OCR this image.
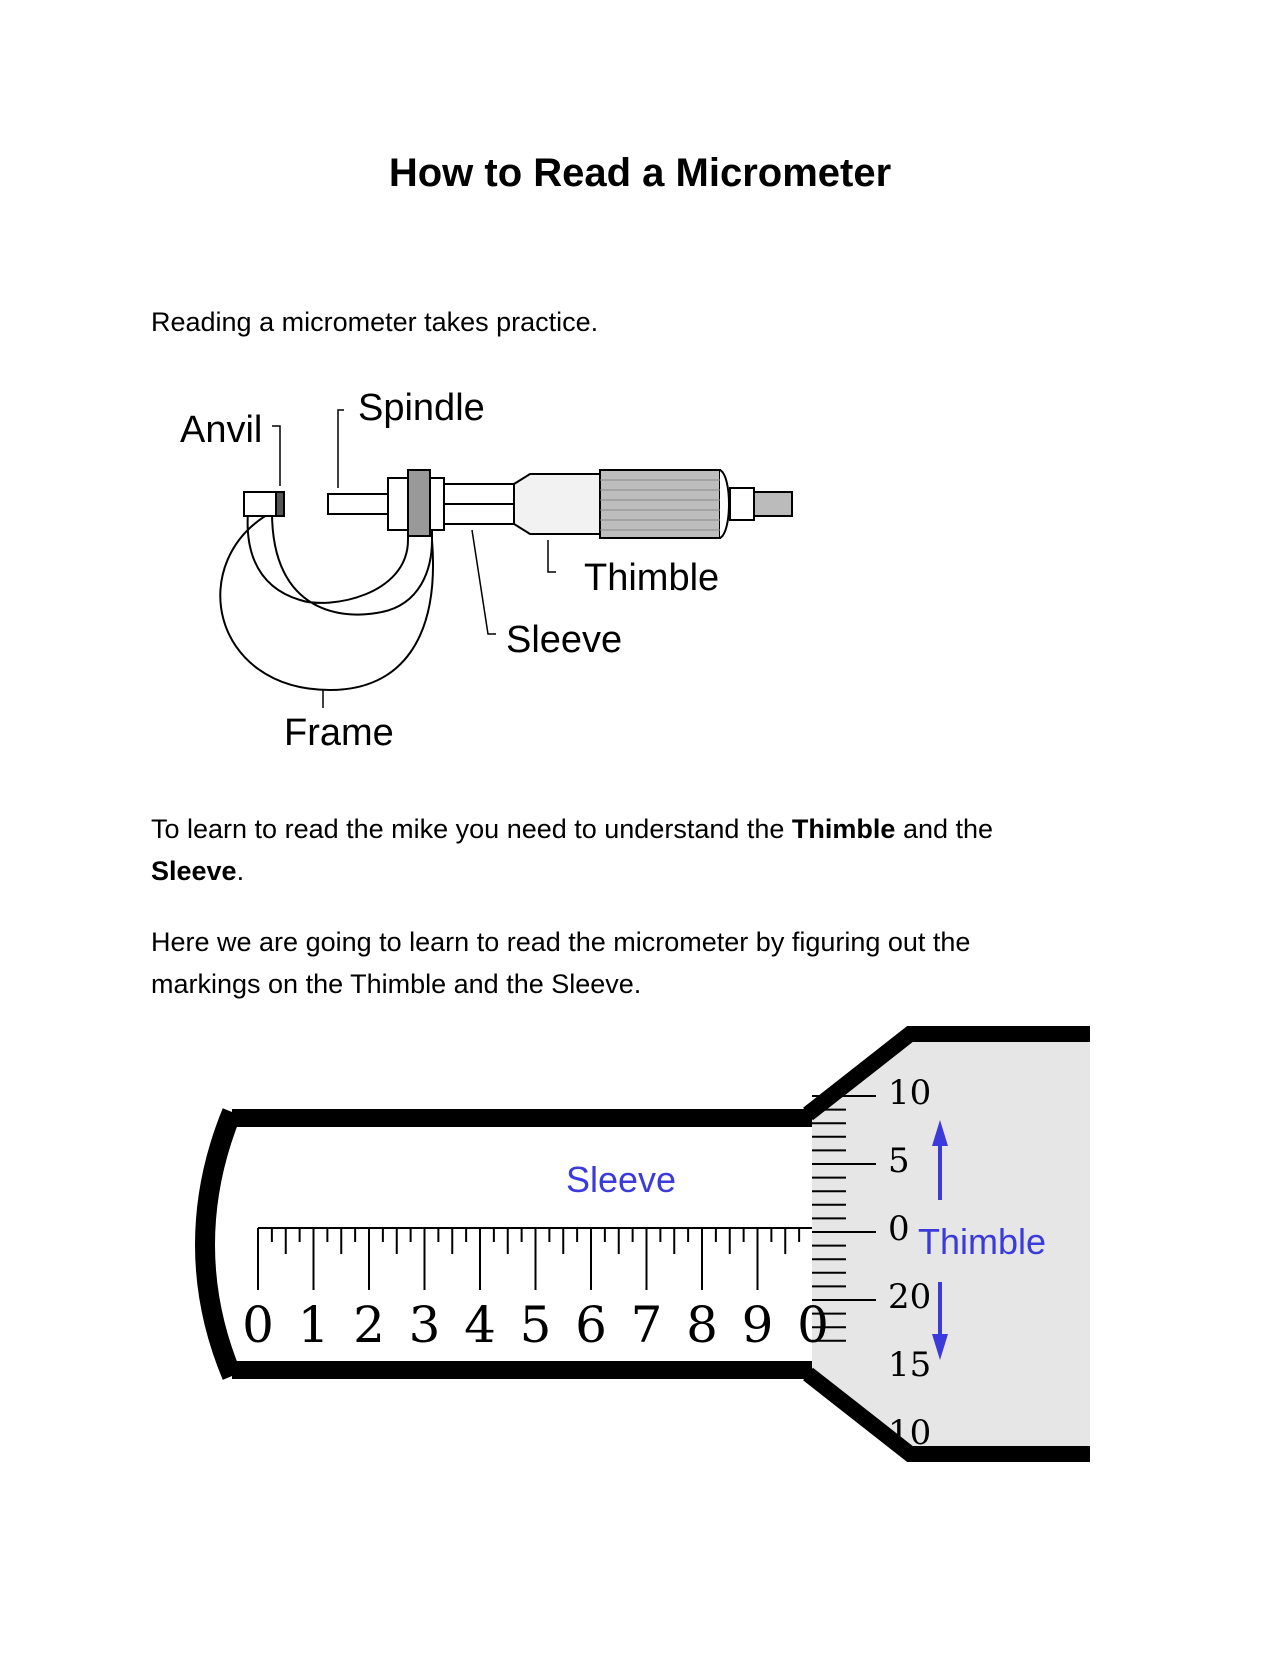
How to Read a Micrometer

Reading a micrometer takes practice.

Anvil
Spindle
Thimble
Sleeve
Frame

To learn to read the mike you need to understand the Thimble and the Sleeve.

Here we are going to learn to read the micrometer by figuring out the markings on the Thimble and the Sleeve.

0 1 2 3 4 5 6 7 8 9 0
10
5
0
20
15
10
Sleeve
Thimble
